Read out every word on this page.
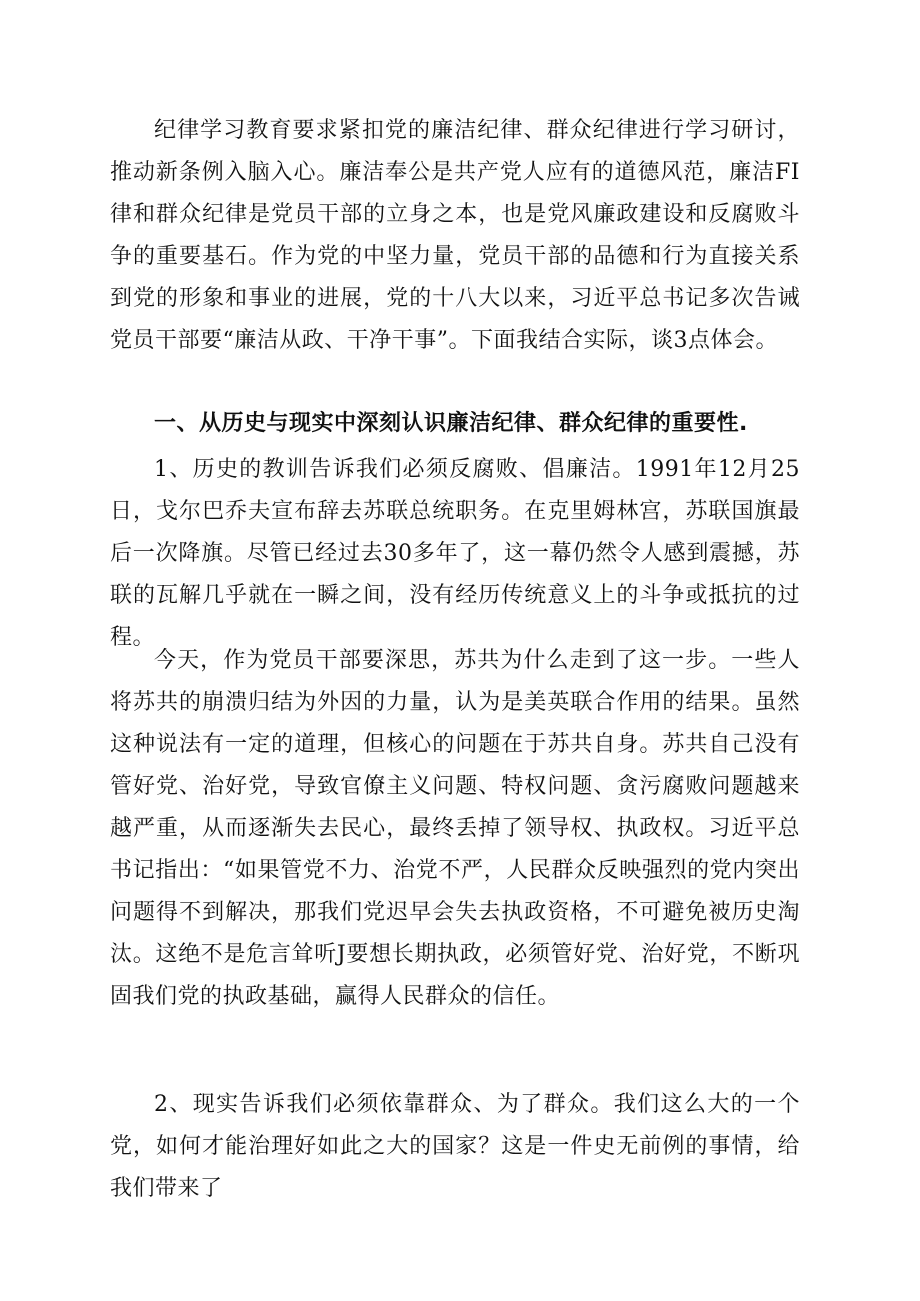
纪律学习教育要求紧扣党的廉洁纪律、群众纪律进行学习研讨，推动新条例入脑入心。廉洁奉公是共产党人应有的道德风范，廉洁FI律和群众纪律是党员干部的立身之本，也是党风廉政建设和反腐败斗争的重要基石。作为党的中坚力量，党员干部的品德和行为直接关系到党的形象和事业的进展，党的十八大以来，习近平总书记多次告诫党员干部要“廉洁从政、干净干事”。下面我结合实际，谈3点体会。

一、从历史与现实中深刻认识廉洁纪律、群众纪律的重要性.

1、历史的教训告诉我们必须反腐败、倡廉洁。1991年12月25日，戈尔巴乔夫宣布辞去苏联总统职务。在克里姆林宫，苏联国旗最后一次降旗。尽管已经过去30多年了，这一幕仍然令人感到震撼，苏联的瓦解几乎就在一瞬之间，没有经历传统意义上的斗争或抵抗的过程。

今天，作为党员干部要深思，苏共为什么走到了这一步。一些人将苏共的崩溃归结为外因的力量，认为是美英联合作用的结果。虽然这种说法有一定的道理，但核心的问题在于苏共自身。苏共自己没有管好党、治好党，导致官僚主义问题、特权问题、贪污腐败问题越来越严重，从而逐渐失去民心，最终丢掉了领导权、执政权。习近平总书记指出：“如果管党不力、治党不严，人民群众反映强烈的党内突出问题得不到解决，那我们党迟早会失去执政资格，不可避免被历史淘汰。这绝不是危言耸听J要想长期执政，必须管好党、治好党，不断巩固我们党的执政基础，赢得人民群众的信任。

2、现实告诉我们必须依靠群众、为了群众。我们这么大的一个党，如何才能治理好如此之大的国家？这是一件史无前例的事情，给我们带来了
